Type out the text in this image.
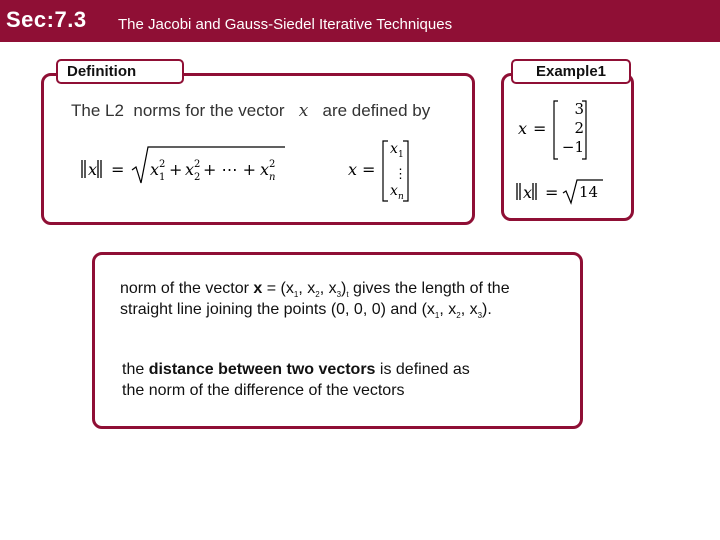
Sec:7.3 The Jacobi and Gauss-Siedel Iterative Techniques
Definition
The L2 norms for the vector x are defined by
x = x 2
1 + x 2
2 + ⋯ + x 2
n	x =
x 1
⋮
x n
Example1
x =
3
2
−1
x = 14
norm of the vector $x = (x_1$, $x_2$, $x_3)_t$ gives the length of the
straight line joining the points (0, 0, 0) and ($x_1$, $x_2$, $x_3$).
the distance between two vectors is defined as
the norm of the difference of the vectors
